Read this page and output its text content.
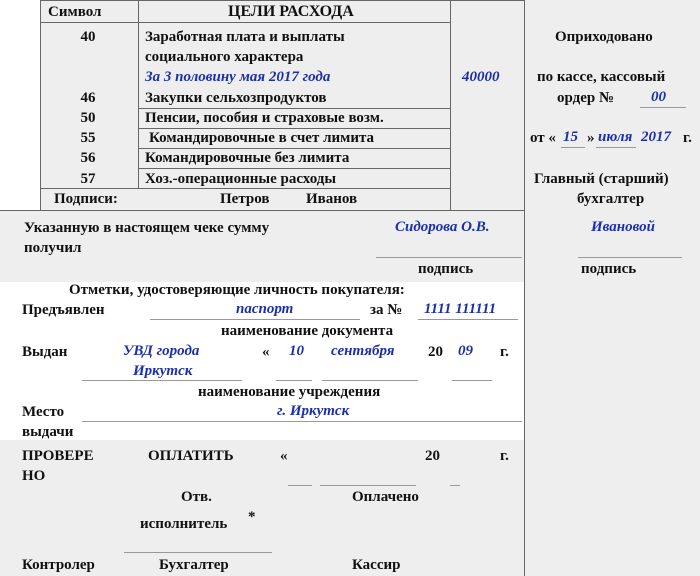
Символ	ЦЕЛИ РАСХОДА
40	Заработная плата и выплаты
социального характера
За 3 половину мая 2017 года	40000
46	Закупки сельхозпродуктов
50	Пенсии, пособия и страховые возм.
55	Командировочные в счет лимита
56	Командировочные без лимита
57	Хоз.-операционные расходы
Подписи:	Петров Иванов
Оприходовано
по кассе, кассовый
ордер № 00
от « 15 » июля 2017 г.
Главный (старший)
бухгалтер
Ивановой
подпись
Указанную в настоящем чеке сумму
получил
Сидорова О.В.
подпись
Отметки, удостоверяющие личность покупателя:
Предъявлен	паспорт	за № 1111 111111
наименование документа
Выдан	УВД города
Иркутск
« 10 сентября 20 09 г.
наименование учреждения
Место
выдачи
г. Иркутск
ПРОВЕРЕ
НО
ОПЛАТИТЬ	«	20	г.
Отв.
исполнитель *
Оплачено
Контролер	Бухгалтер	Кассир
